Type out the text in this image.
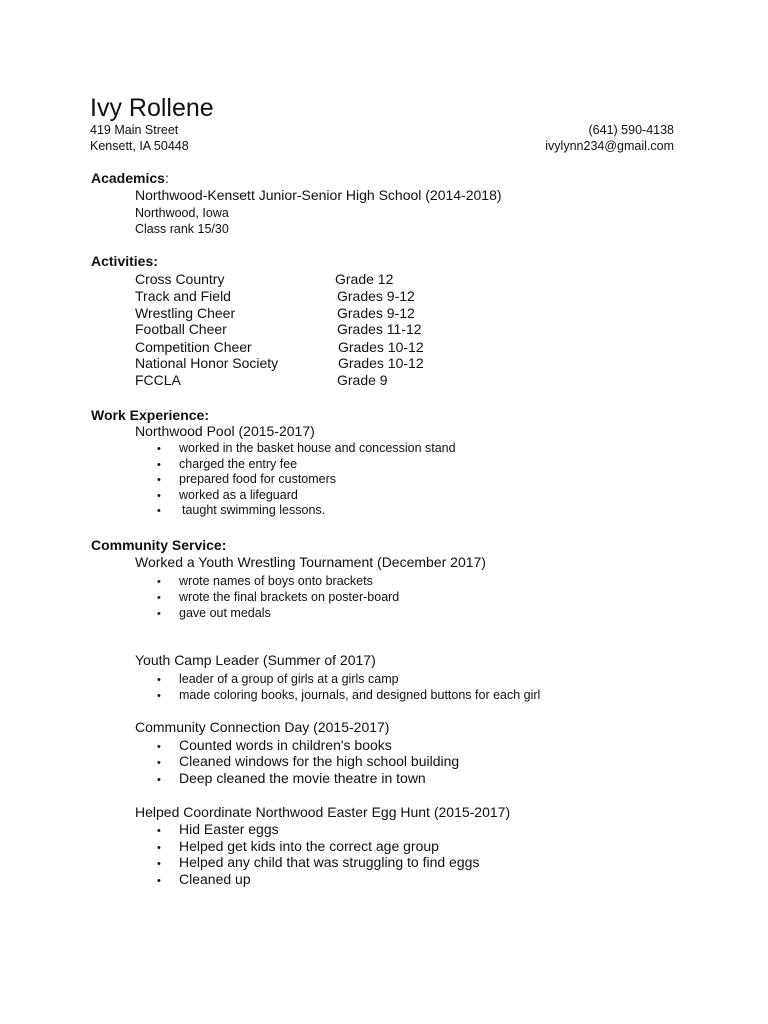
Ivy Rollene
419 Main Street
Kensett, IA 50448
(641) 590-4138
ivylynn234@gmail.com
Academics:
Northwood-Kensett Junior-Senior High School (2014-2018)
Northwood, Iowa
Class rank 15/30
Activities:
Cross Country	Grade 12
Track and Field	Grades 9-12
Wrestling Cheer	Grades 9-12
Football Cheer	Grades 11-12
Competition Cheer	Grades 10-12
National Honor Society	Grades 10-12
FCCLA	Grade 9
Work Experience:
Northwood Pool (2015-2017)
• worked in the basket house and concession stand
• charged the entry fee
• prepared food for customers
• worked as a lifeguard
• taught swimming lessons.
Community Service:
Worked a Youth Wrestling Tournament (December 2017)
• wrote names of boys onto brackets
• wrote the final brackets on poster-board
• gave out medals
Youth Camp Leader (Summer of 2017)
• leader of a group of girls at a girls camp
• made coloring books, journals, and designed buttons for each girl
Community Connection Day (2015-2017)
• Counted words in children's books
• Cleaned windows for the high school building
• Deep cleaned the movie theatre in town
Helped Coordinate Northwood Easter Egg Hunt (2015-2017)
• Hid Easter eggs
• Helped get kids into the correct age group
• Helped any child that was struggling to find eggs
• Cleaned up
